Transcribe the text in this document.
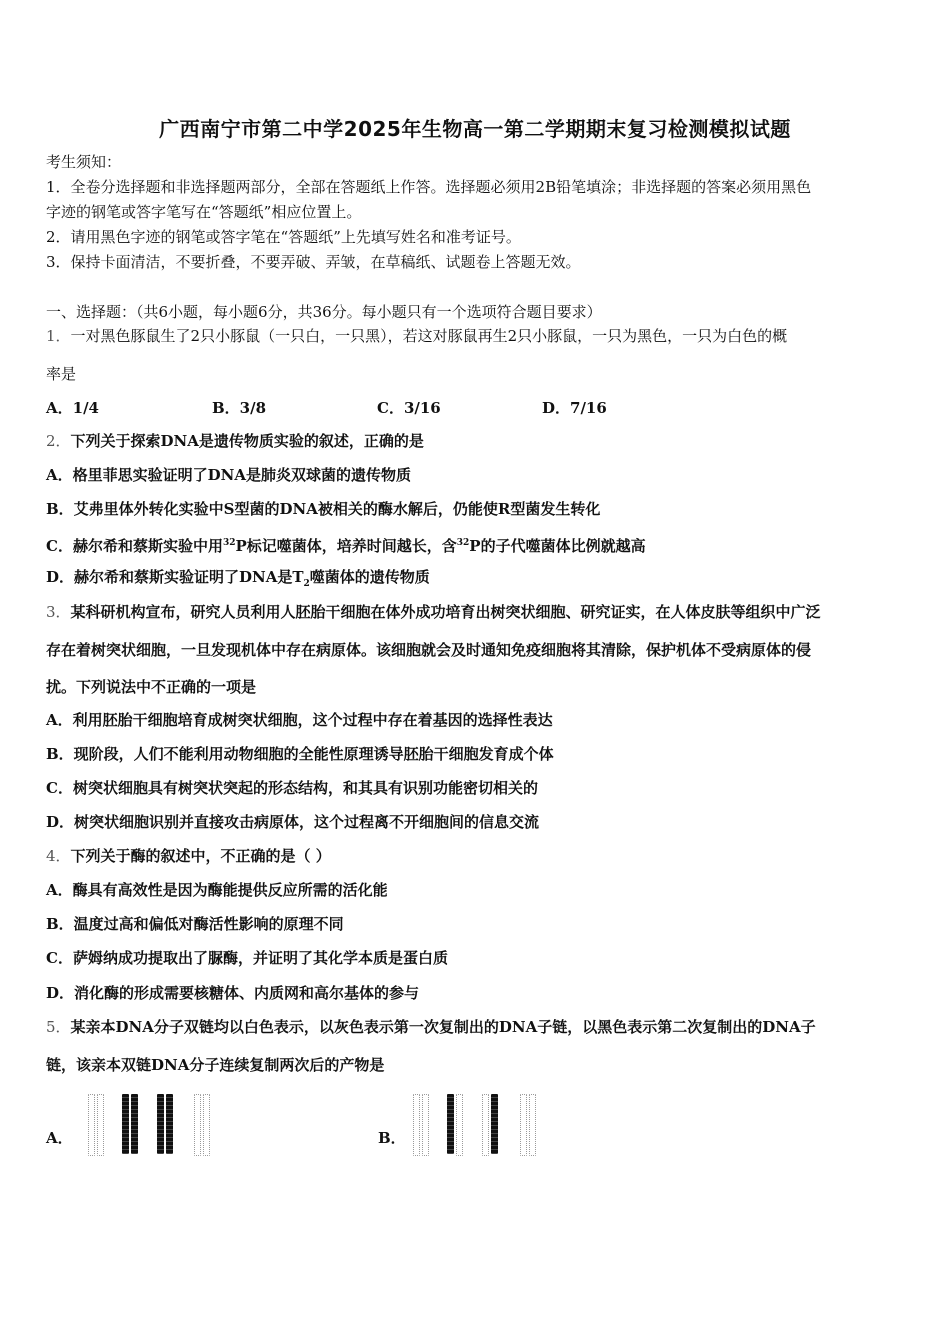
广西南宁市第二中学2025年生物高一第二学期期末复习检测模拟试题
考生须知：
1．全卷分选择题和非选择题两部分，全部在答题纸上作答。选择题必须用2B铅笔填涂；非选择题的答案必须用黑色
字迹的钢笔或答字笔写在“答题纸”相应位置上。
2．请用黑色字迹的钢笔或答字笔在“答题纸”上先填写姓名和准考证号。
3．保持卡面清洁，不要折叠，不要弄破、弄皱，在草稿纸、试题卷上答题无效。
一、选择题：（共6小题，每小题6分，共36分。每小题只有一个选项符合题目要求）
1．一对黑色豚鼠生了2只小豚鼠（一只白，一只黑），若这对豚鼠再生2只小豚鼠，一只为黑色，一只为白色的概
率是
A．1/4	B．3/8	C．3/16	D．7/16
2．下列关于探索DNA是遗传物质实验的叙述，正确的是
A．格里菲思实验证明了DNA是肺炎双球菌的遗传物质
B．艾弗里体外转化实验中S型菌的DNA被相关的酶水解后，仍能使R型菌发生转化
C．赫尔希和蔡斯实验中用$^{32}$P标记噬菌体，培养时间越长，含$^{32}$P的子代噬菌体比例就越高
D．赫尔希和蔡斯实验证明了DNA是$T_2$噬菌体的遗传物质
3．某科研机构宣布，研究人员利用人胚胎干细胞在体外成功培育出树突状细胞、研究证实，在人体皮肤等组织中广泛
存在着树突状细胞，一旦发现机体中存在病原体。该细胞就会及时通知免疫细胞将其清除，保护机体不受病原体的侵
扰。下列说法中不正确的一项是
A．利用胚胎干细胞培育成树突状细胞，这个过程中存在着基因的选择性表达
B．现阶段，人们不能利用动物细胞的全能性原理诱导胚胎干细胞发育成个体
C．树突状细胞具有树突状突起的形态结构，和其具有识别功能密切相关的
D．树突状细胞识别并直接攻击病原体，这个过程离不开细胞间的信息交流
4．下列关于酶的叙述中，不正确的是（ ）
A．酶具有高效性是因为酶能提供反应所需的活化能
B．温度过高和偏低对酶活性影响的原理不同
C．萨姆纳成功提取出了脲酶，并证明了其化学本质是蛋白质
D．消化酶的形成需要核糖体、内质网和高尔基体的参与
5．某亲本DNA分子双链均以白色表示，以灰色表示第一次复制出的DNA子链，以黑色表示第二次复制出的DNA子
链，该亲本双链DNA分子连续复制两次后的产物是
A．	B．
